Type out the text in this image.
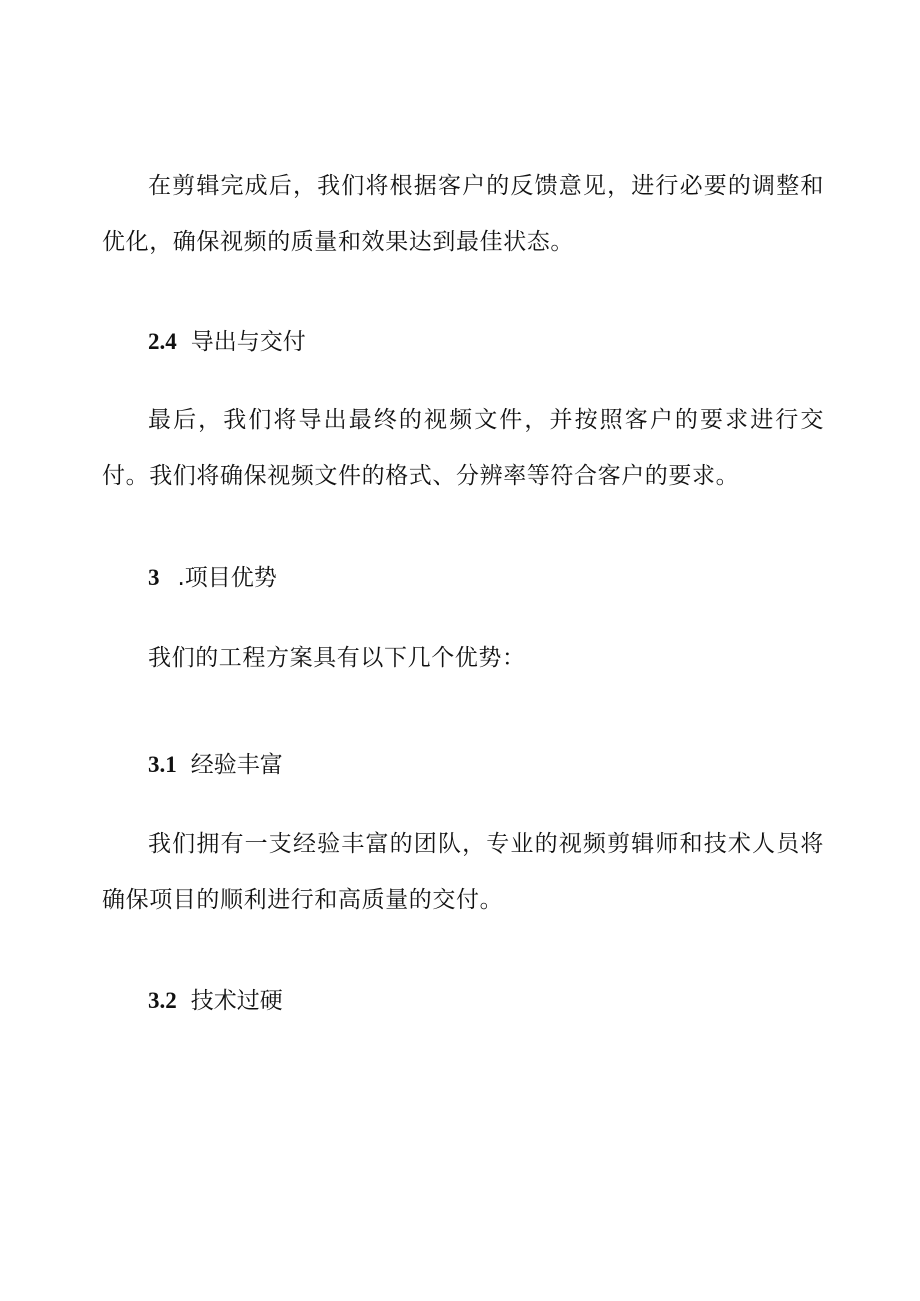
在剪辑完成后，我们将根据客户的反馈意见，进行必要的调整和优化，确保视频的质量和效果达到最佳状态。

2.4 导出与交付

最后，我们将导出最终的视频文件，并按照客户的要求进行交付。我们将确保视频文件的格式、分辨率等符合客户的要求。

3 .项目优势

我们的工程方案具有以下几个优势：

3.1 经验丰富

我们拥有一支经验丰富的团队，专业的视频剪辑师和技术人员将确保项目的顺利进行和高质量的交付。

3.2 技术过硬
